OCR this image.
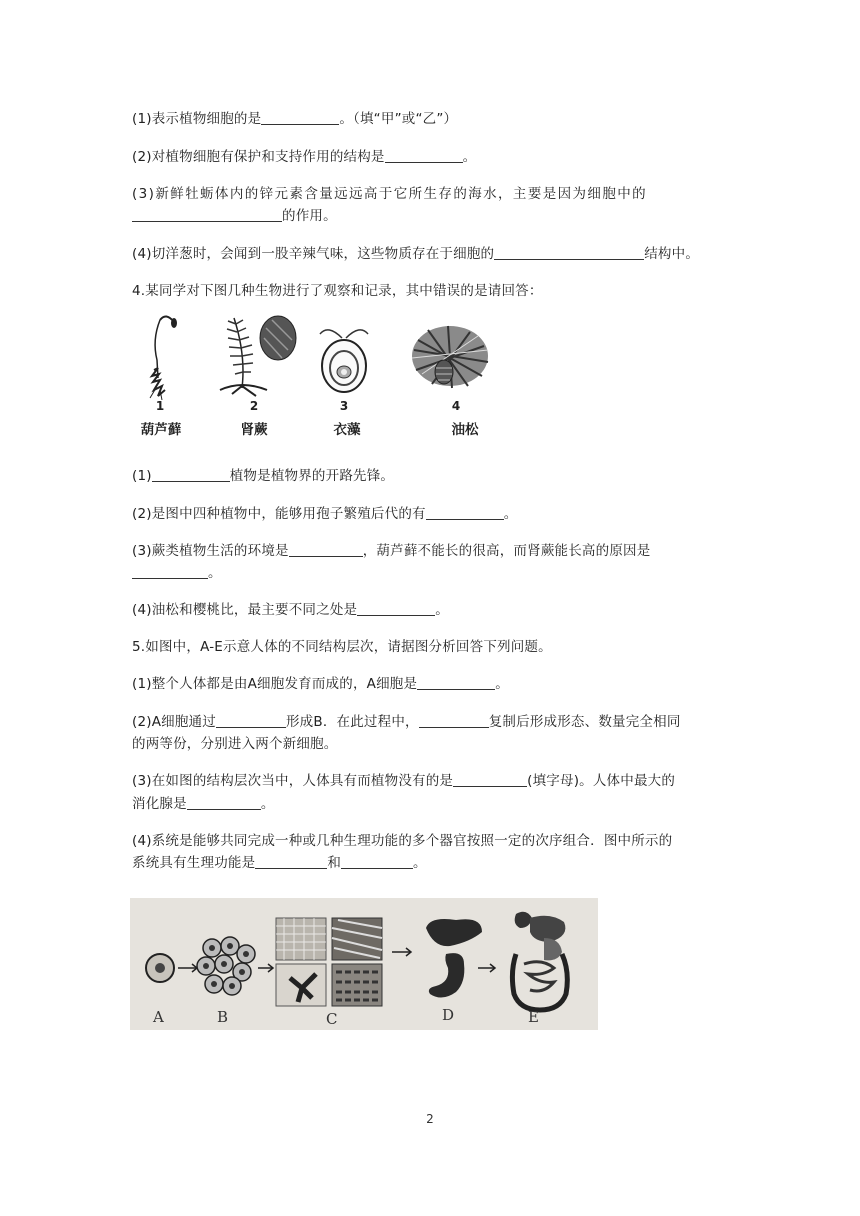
(1)表示植物细胞的是	。（填“甲”或“乙”）
(2)对植物细胞有保护和支持作用的结构是	。
(3)新鲜牡蛎体内的锌元素含量远远高于它所生存的海水，主要是因为细胞中的
的作用。
(4)切洋葱时，会闻到一股辛辣气味，这些物质存在于细胞的	结构中。
4.某同学对下图几种生物进行了观察和记录，其中错误的是请回答：
1
葫芦藓
2
肾蕨
3
衣藻
4
油松
(1)	植物是植物界的开路先锋。
(2)是图中四种植物中，能够用孢子繁殖后代的有	。
(3)蕨类植物生活的环境是	，葫芦藓不能长的很高，而肾蕨能长高的原因是
。
(4)油松和樱桃比，最主要不同之处是	。
5.如图中，A-E示意人体的不同结构层次，请据图分析回答下列问题。
(1)整个人体都是由A细胞发育而成的，A细胞是	。
(2)A细胞通过	形成B．在此过程中，	复制后形成形态、数量完全相同
的两等份，分别进入两个新细胞。
(3)在如图的结构层次当中，人体具有而植物没有的是	(填字母)。人体中最大的
消化腺是	。
(4)系统是能够共同完成一种或几种生理功能的多个器官按照一定的次序组合．图中所示的
系统具有生理功能是	和	。
A	B	C	D	E
2
